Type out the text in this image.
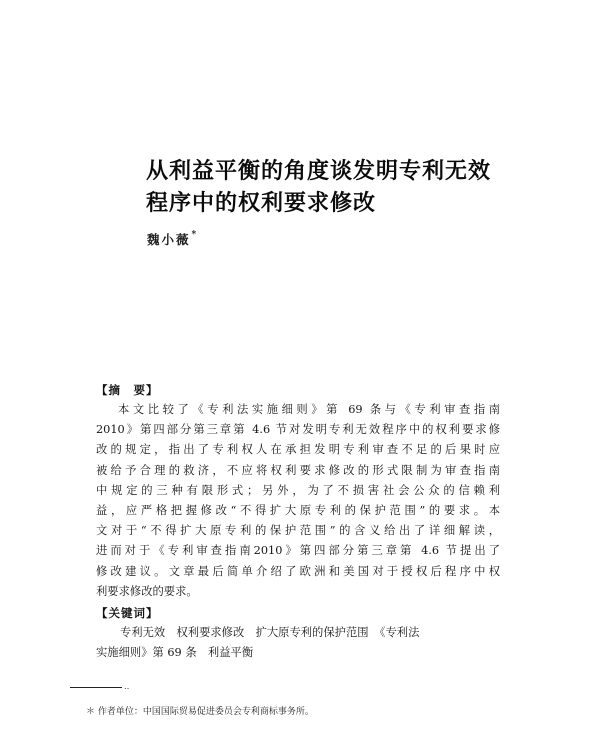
从利益平衡的角度谈发明专利无效
程序中的权利要求修改
魏小薇*
【摘　要】
本文比较了《专利法实施细则》第 69 条与《专利审查指南
2010》第四部分第三章第 4.6 节对发明专利无效程序中的权利要求修
改的规定，指出了专利权人在承担发明专利审查不足的后果时应
被给予合理的救济，不应将权利要求修改的形式限制为审查指南
中规定的三种有限形式；另外，为了不损害社会公众的信赖利
益，应严格把握修改“不得扩大原专利的保护范围”的要求。本
文对于“不得扩大原专利的保护范围”的含义给出了详细解读，
进而对于《专利审查指南2010》第四部分第三章第 4.6 节提出了
修改建议。文章最后简单介绍了欧洲和美国对于授权后程序中权
利要求修改的要求。
【关键词】
专利无效　权利要求修改　扩大原专利的保护范围　《专利法
实施细则》第 69 条　利益平衡
‥
＊ 作者单位：中国国际贸易促进委员会专利商标事务所。
